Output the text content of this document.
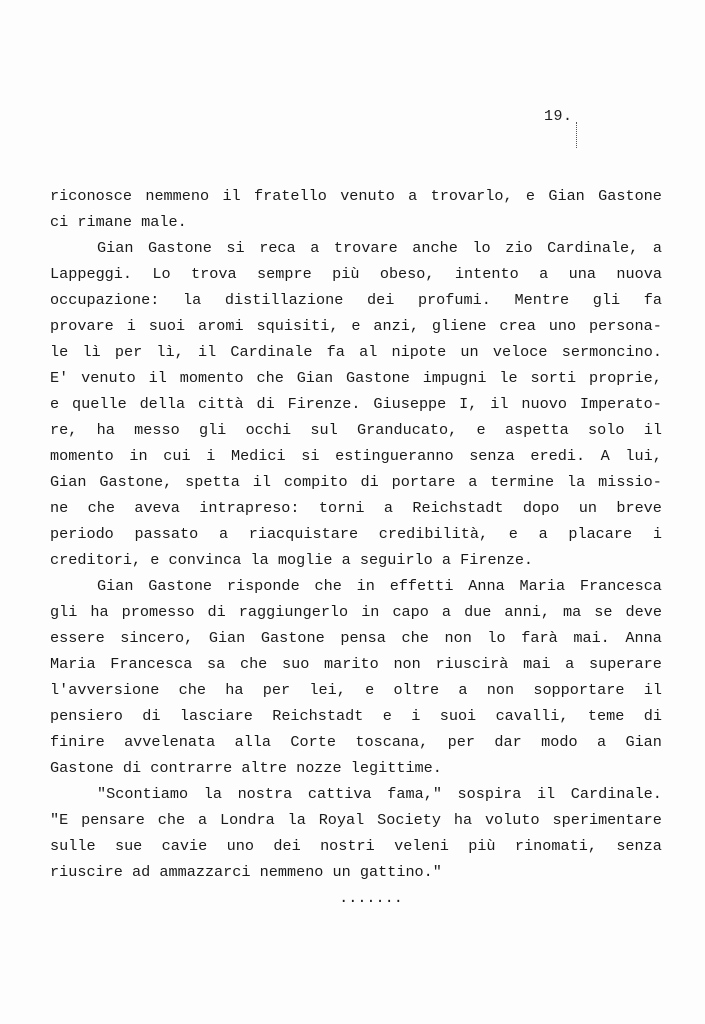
19.
riconosce nemmeno il fratello venuto a trovarlo, e Gian Gastone
ci rimane male.
Gian Gastone si reca a trovare anche lo zio Cardinale, a
Lappeggi. Lo trova sempre più obeso, intento a una nuova
occupazione: la distillazione dei profumi. Mentre gli fa
provare i suoi aromi squisiti, e anzi, gliene crea uno persona-
le lì per lì, il Cardinale fa al nipote un veloce sermoncino.
E' venuto il momento che Gian Gastone impugni le sorti proprie,
e quelle della città di Firenze. Giuseppe I, il nuovo Imperato-
re, ha messo gli occhi sul Granducato, e aspetta solo il
momento in cui i Medici si estingueranno senza eredi. A lui,
Gian Gastone, spetta il compito di portare a termine la missio-
ne che aveva intrapreso: torni a Reichstadt dopo un breve
periodo passato a riacquistare credibilità, e a placare i
creditori, e convinca la moglie a seguirlo a Firenze.
Gian Gastone risponde che in effetti Anna Maria Francesca
gli ha promesso di raggiungerlo in capo a due anni, ma se deve
essere sincero, Gian Gastone pensa che non lo farà mai. Anna
Maria Francesca sa che suo marito non riuscirà mai a superare
l'avversione che ha per lei, e oltre a non sopportare il
pensiero di lasciare Reichstadt e i suoi cavalli, teme di
finire avvelenata alla Corte toscana, per dar modo a Gian
Gastone di contrarre altre nozze legittime.
"Scontiamo la nostra cattiva fama," sospira il Cardinale.
"E pensare che a Londra la Royal Society ha voluto sperimentare
sulle sue cavie uno dei nostri veleni più rinomati, senza
riuscire ad ammazzarci nemmeno un gattino."
.......
